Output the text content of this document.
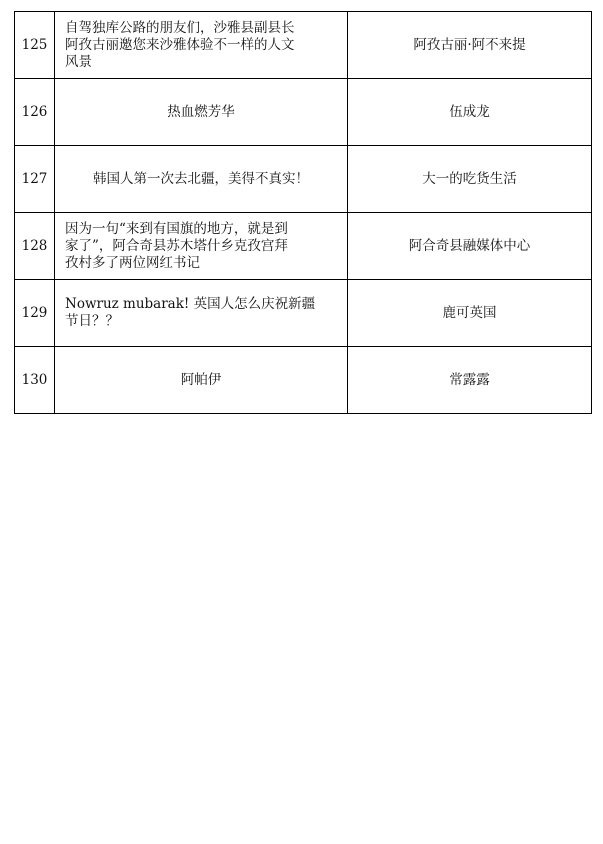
125	自驾独库公路的朋友们，沙雅县副县长
阿孜古丽邀您来沙雅体验不一样的人文
风景	阿孜古丽·阿不来提
126	热血燃芳华	伍成龙
127	韩国人第一次去北疆，美得不真实！	大一的吃货生活
128	因为一句“来到有国旗的地方，就是到
家了”，阿合奇县苏木塔什乡克孜宫拜
孜村多了两位网红书记	阿合奇县融媒体中心
129	Nowruz mubarak! 英国人怎么庆祝新疆
节日？？	鹿可英国
130	阿帕伊	常露露
